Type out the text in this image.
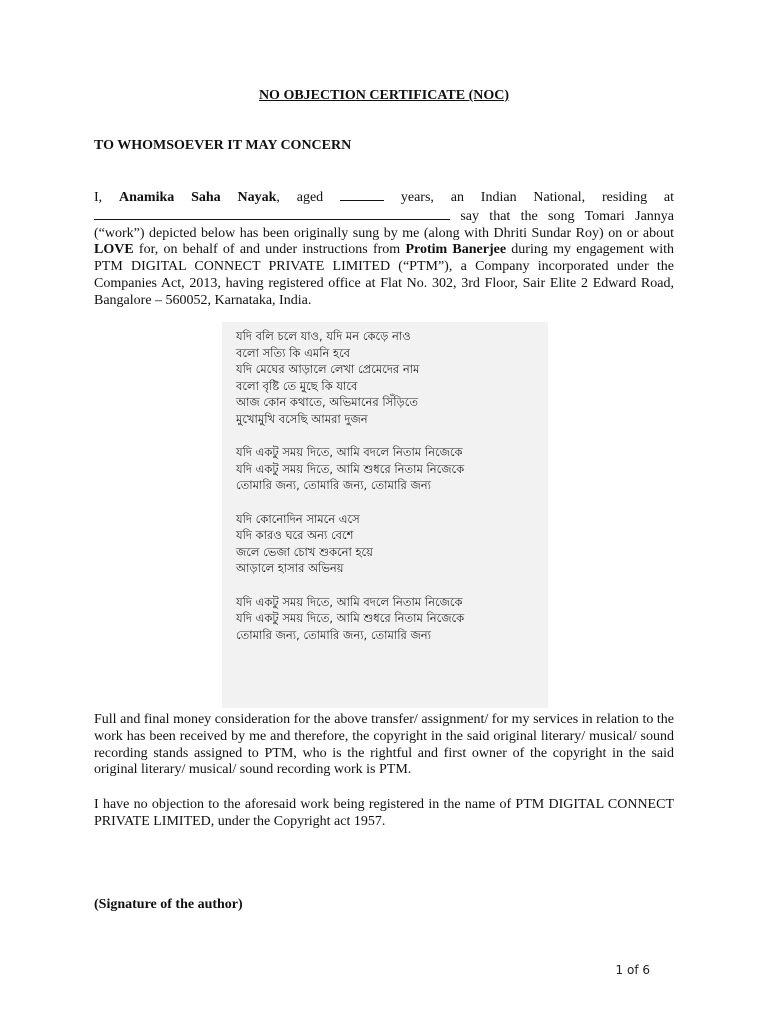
NO OBJECTION CERTIFICATE (NOC)
TO WHOMSOEVER IT MAY CONCERN
I, Anamika Saha Nayak, aged	years, an Indian National, residing at  say that the song Tomari Jannya (“work”) depicted below has been originally sung by me (along with Dhriti Sundar Roy) on or about LOVE for, on behalf of and under instructions from Protim Banerjee during my engagement with PTM DIGITAL CONNECT PRIVATE LIMITED (“PTM”), a Company incorporated under the Companies Act, 2013, having registered office at Flat No. 302, 3rd Floor, Sair Elite 2 Edward Road, Bangalore – 560052, Karnataka, India.
যদি বলি চলে যাও, যদি মন কেড়ে নাও
বলো সত্যি কি এমনি হবে
যদি মেঘের আড়ালে লেখা প্রেমেদের নাম
বলো বৃষ্টি তে মুছে কি যাবে
আজ কোন কথাতে, অভিমানের সিঁড়িতে
মুখোমুখি বসেছি আমরা দুজন
যদি একটু সময় দিতে, আমি বদলে নিতাম নিজেকে
যদি একটু সময় দিতে, আমি শুধরে নিতাম নিজেকে
তোমারি জন্য, তোমারি জন্য, তোমারি জন্য
যদি কোনোদিন সামনে এসে
যদি কারও ঘরে অন্য বেশে
জলে ভেজা চোখ শুকনো হয়ে
আড়ালে হাসার অভিনয়
যদি একটু সময় দিতে, আমি বদলে নিতাম নিজেকে
যদি একটু সময় দিতে, আমি শুধরে নিতাম নিজেকে
তোমারি জন্য, তোমারি জন্য, তোমারি জন্য
Full and final money consideration for the above transfer/ assignment/ for my services in relation to the work has been received by me and therefore, the copyright in the said original literary/ musical/ sound recording stands assigned to PTM, who is the rightful and first owner of the copyright in the said original literary/ musical/ sound recording work is PTM.
I have no objection to the aforesaid work being registered in the name of PTM DIGITAL CONNECT PRIVATE LIMITED, under the Copyright act 1957.
(Signature of the author)
1 of 6
